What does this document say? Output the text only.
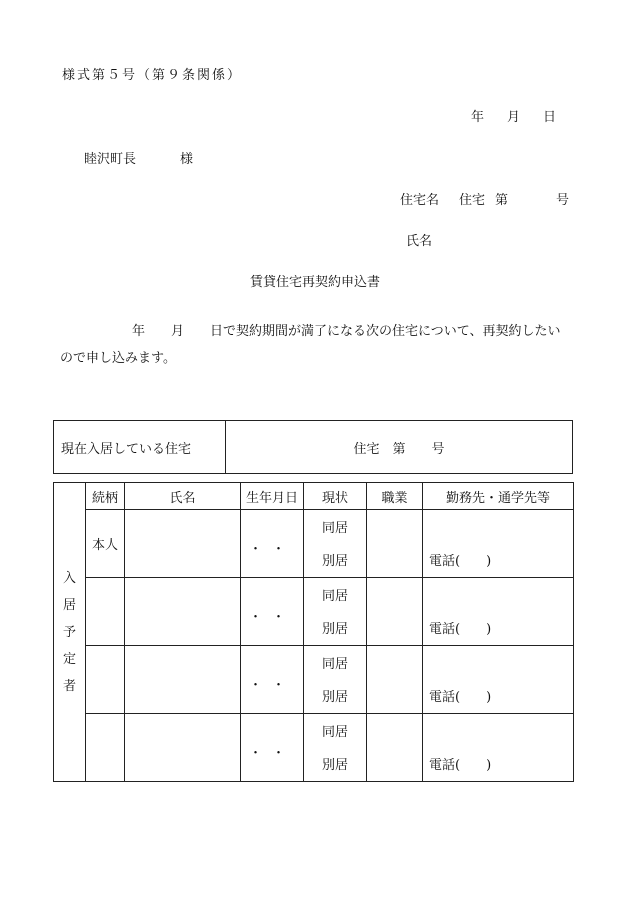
様式第５号（第９条関係）
年 月 日
睦沢町長	様
住宅名 住宅 第	号
氏名
賃貸住宅再契約申込書
年　　月　　日で契約期間が満了になる次の住宅について、再契約したいので申し込みます。
現在入居している住宅	住宅　第　　号
入
居
予
定
者	続柄	氏名	生年月日	現状	職業	勤務先・通学先等
	本人		・・	同居
別居		電話(　　)

			・・	同居
別居		電話(　　)

			・・	同居
別居		電話(　　)

			・・	同居
別居		電話(　　)
